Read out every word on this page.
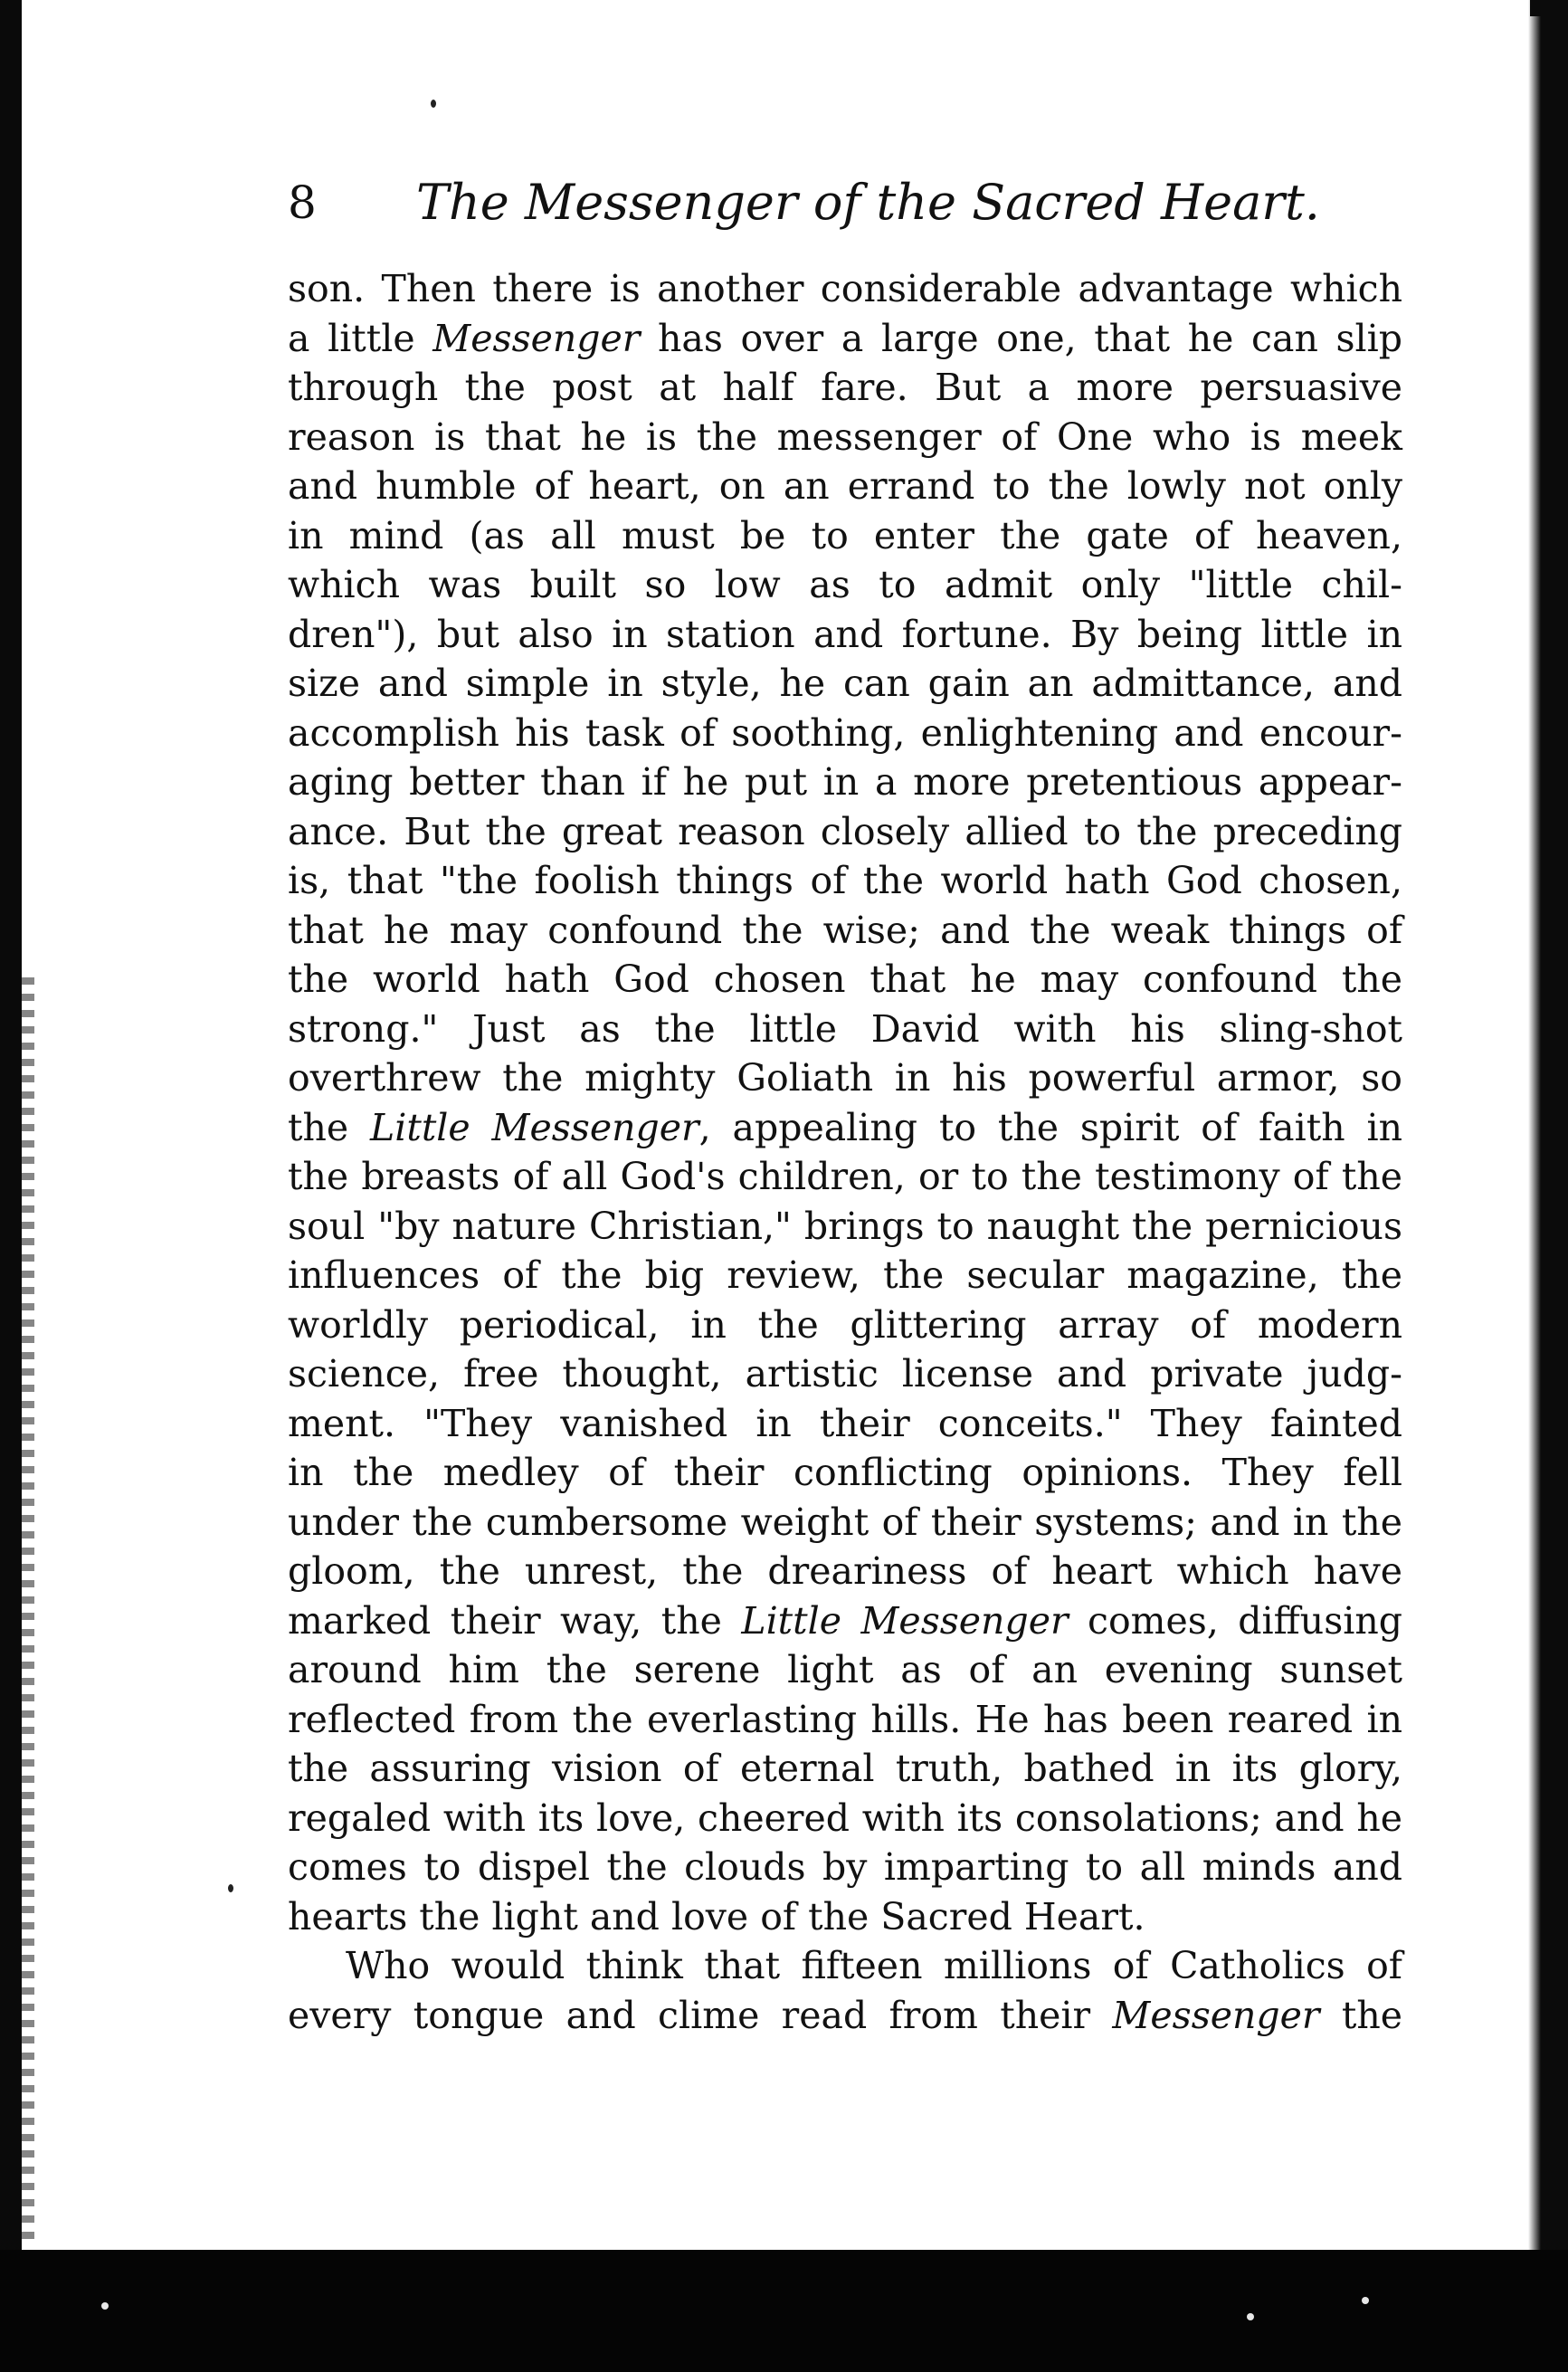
8 The Messenger of the Sacred Heart.
son. Then there is another considerable advantage which
a little Messenger has over a large one, that he can slip
through the post at half fare. But a more persuasive
reason is that he is the messenger of One who is meek
and humble of heart, on an errand to the lowly not only
in mind (as all must be to enter the gate of heaven,
which was built so low as to admit only "little chil-
dren"), but also in station and fortune. By being little in
size and simple in style, he can gain an admittance, and
accomplish his task of soothing, enlightening and encour-
aging better than if he put in a more pretentious appear-
ance. But the great reason closely allied to the preceding
is, that "the foolish things of the world hath God chosen,
that he may confound the wise; and the weak things of
the world hath God chosen that he may confound the
strong." Just as the little David with his sling-shot
overthrew the mighty Goliath in his powerful armor, so
the Little Messenger, appealing to the spirit of faith in
the breasts of all God's children, or to the testimony of the
soul "by nature Christian," brings to naught the pernicious
influences of the big review, the secular magazine, the
worldly periodical, in the glittering array of modern
science, free thought, artistic license and private judg-
ment. "They vanished in their conceits." They fainted
in the medley of their conflicting opinions. They fell
under the cumbersome weight of their systems; and in the
gloom, the unrest, the dreariness of heart which have
marked their way, the Little Messenger comes, diffusing
around him the serene light as of an evening sunset
reflected from the everlasting hills. He has been reared in
the assuring vision of eternal truth, bathed in its glory,
regaled with its love, cheered with its consolations; and he
comes to dispel the clouds by imparting to all minds and
hearts the light and love of the Sacred Heart.
Who would think that fifteen millions of Catholics of
every tongue and clime read from their Messenger the
